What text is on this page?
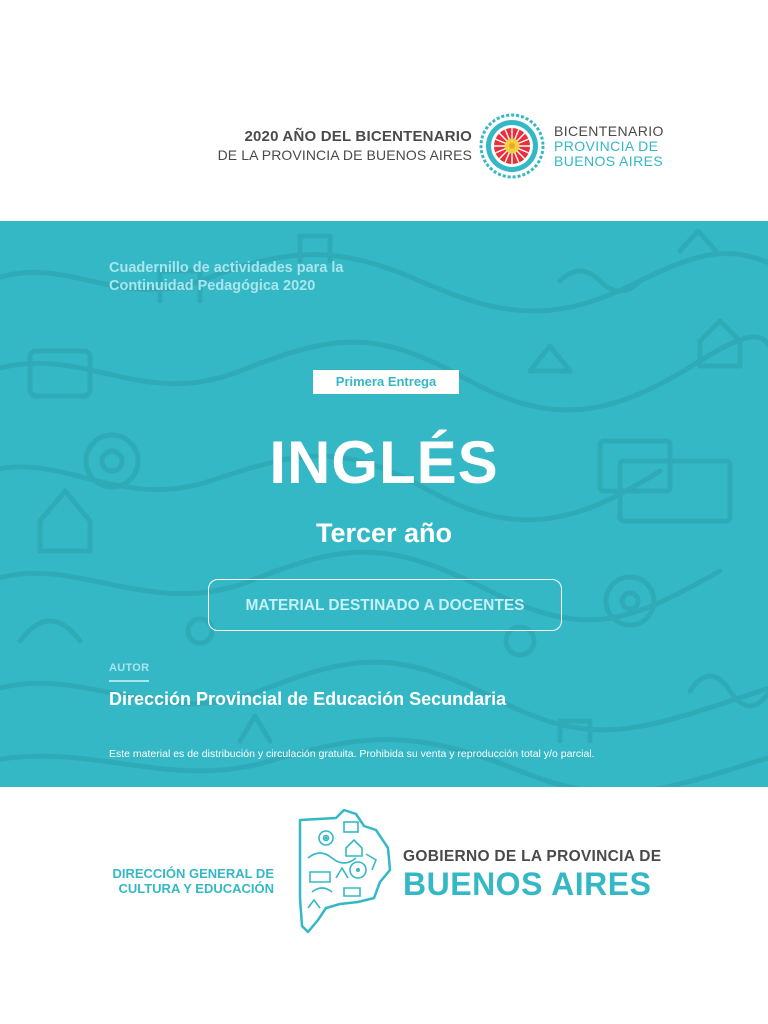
2020 AÑO DEL BICENTENARIO
DE LA PROVINCIA DE BUENOS AIRES
BICENTENARIO
PROVINCIA DE
BUENOS AIRES
Cuadernillo de actividades para la
Continuidad Pedagógica 2020
Primera Entrega
INGLÉS
Tercer año
MATERIAL DESTINADO A DOCENTES
AUTOR
Dirección Provincial de Educación Secundaria
Este material es de distribución y circulación gratuita. Prohibida su venta y reproducción total y/o parcial.
DIRECCIÓN GENERAL DE
CULTURA Y EDUCACIÓN
GOBIERNO DE LA PROVINCIA DE
BUENOS AIRES
